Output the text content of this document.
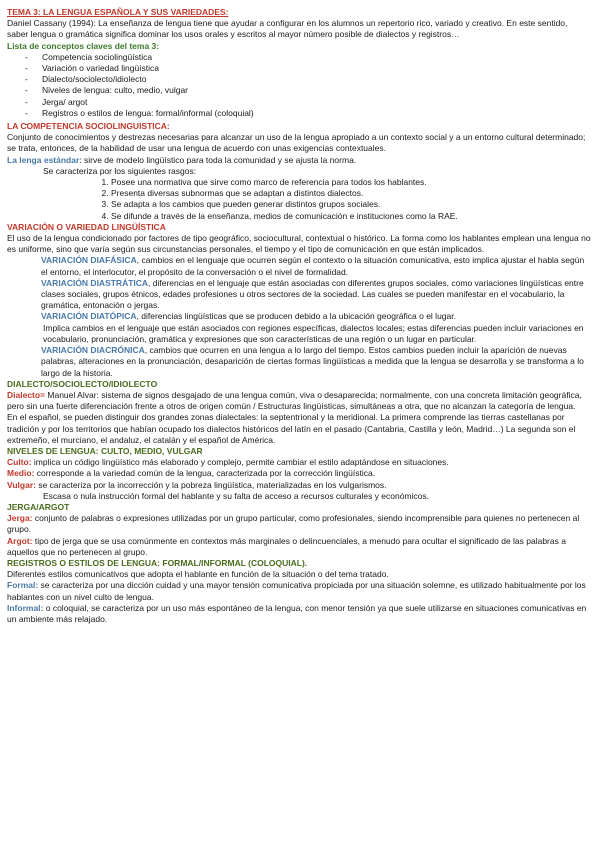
TEMA 3: LA LENGUA ESPAÑOLA Y SUS VARIEDADES:

Daniel Cassany (1994): La enseñanza de lengua tiene que ayudar a configurar en los alumnos un repertorio rico, variado y creativo. En este sentido, saber lengua o gramática significa dominar los usos orales y escritos al mayor número posible de dialectos y registros…

Lista de conceptos claves del tema 3:

- Competencia sociolingüística
- Variación o variedad lingüística
- Dialecto/sociolecto/idiolecto
- Niveles de lengua: culto, medio, vulgar
- Jerga/ argot
- Registros o estilos de lengua: formal/informal (coloquial)

LA COMPETENCIA SOCIOLINGUISTICA:

Conjunto de conocimientos y destrezas necesarias para alcanzar un uso de la lengua apropiado a un contexto social y a un entorno cultural determinado; se trata, entonces, de la habilidad de usar una lengua de acuerdo con unas exigencias contextuales.

La lenga estándar: sirve de modelo lingüístico para toda la comunidad y se ajusta la norma.

Se caracteriza por los siguientes rasgos:

1. Posee una normativa que sirve como marco de referencia para todos los hablantes.
2. Presenta diversas subnormas que se adaptan a distintos dialectos.
3. Se adapta a los cambios que pueden generar distintos grupos sociales.
4. Se difunde a través de la enseñanza, medios de comunicación e instituciones como la RAE.

VARIACIÓN O VARIEDAD LINGÜÍSTICA

El uso de la lengua condicionado por factores de tipo geográfico, sociocultural, contextual o histórico. La forma como los hablantes emplean una lengua no es uniforme, sino que varía según sus circunstancias personales, el tiempo y el tipo de comunicación en que están implicados.

VARIACIÓN DIAFÁSICA, cambios en el lenguaje que ocurren según el contexto o la situación comunicativa, esto implica ajustar el habla según el entorno, el interlocutor, el propósito de la conversación o el nivel de formalidad.

VARIACIÓN DIASTRÁTICA, diferencias en el lenguaje que están asociadas con diferentes grupos sociales, como variaciones lingüísticas entre clases sociales, grupos étnicos, edades profesiones u otros sectores de la sociedad. Las cuales se pueden manifestar en el vocabulario, la gramática, entonación o jergas.

VARIACIÓN DIATÓPICA, diferencias lingüísticas que se producen debido a la ubicación geográfica o el lugar.

Implica cambios en el lenguaje que están asociados con regiones específicas, dialectos locales; estas diferencias pueden incluir variaciones en vocabulario, pronunciación, gramática y expresiones que son características de una región o un lugar en particular.

VARIACIÓN DIACRÓNICA, cambios que ocurren en una lengua a lo largo del tiempo. Estos cambios pueden incluir la aparición de nuevas palabras, alteraciones en la pronunciación, desaparición de ciertas formas lingüísticas a medida que la lengua se desarrolla y se transforma a lo largo de la historia.

DIALECTO/SOCIOLECTO/IDIOLECTO

Dialecto= Manuel Alvar: sistema de signos desgajado de una lengua común, viva o desaparecida; normalmente, con una concreta limitación geográfica, pero sin una fuerte diferenciación frente a otros de origen común / Estructuras lingüísticas, simultáneas a otra, que no alcanzan la categoría de lengua.

En el español, se pueden distinguir dos grandes zonas dialectales: la septentrional y la meridional. La primera comprende las tierras castellanas por tradición y por los territorios que habían ocupado los dialectos históricos del latín en el pasado (Cantabria, Castilla y león, Madrid…) La segunda son el extremeño, el murciano, el andaluz, el catalán y el español de América.

NIVELES DE LENGUA: CULTO, MEDIO, VULGAR

Culto: implica un código lingüístico más elaborado y complejo, permite cambiar el estilo adaptándose en situaciones.

Medio: corresponde a la variedad común de la lengua, caracterizada por la corrección lingüística.

Vulgar: se caracteriza por la incorrección y la pobreza lingüística, materializadas en los vulgarismos.

Escasa o nula instrucción formal del hablante y su falta de acceso a recursos culturales y económicos.

JERGA/ARGOT

Jerga: conjunto de palabras o expresiones utilizadas por un grupo particular, como profesionales, siendo incomprensible para quienes no pertenecen al grupo.

Argot: tipo de jerga que se usa comúnmente en contextos más marginales o delincuenciales, a menudo para ocultar el significado de las palabras a aquellos que no pertenecen al grupo.

REGISTROS O ESTILOS DE LENGUA: FORMAL/INFORMAL (COLOQUIAL).

Diferentes estilos comunicativos que adopta el hablante en función de la situación o del tema tratado.

Formal: se caracteriza por una dicción cuidad y una mayor tensión comunicativa propiciada por una situación solemne, es utilizado habitualmente por los hablantes con un nivel culto de lengua.

Informal: o coloquial, se caracteriza por un uso más espontáneo de la lengua, con menor tensión ya que suele utilizarse en situaciones comunicativas en un ambiente más relajado.
